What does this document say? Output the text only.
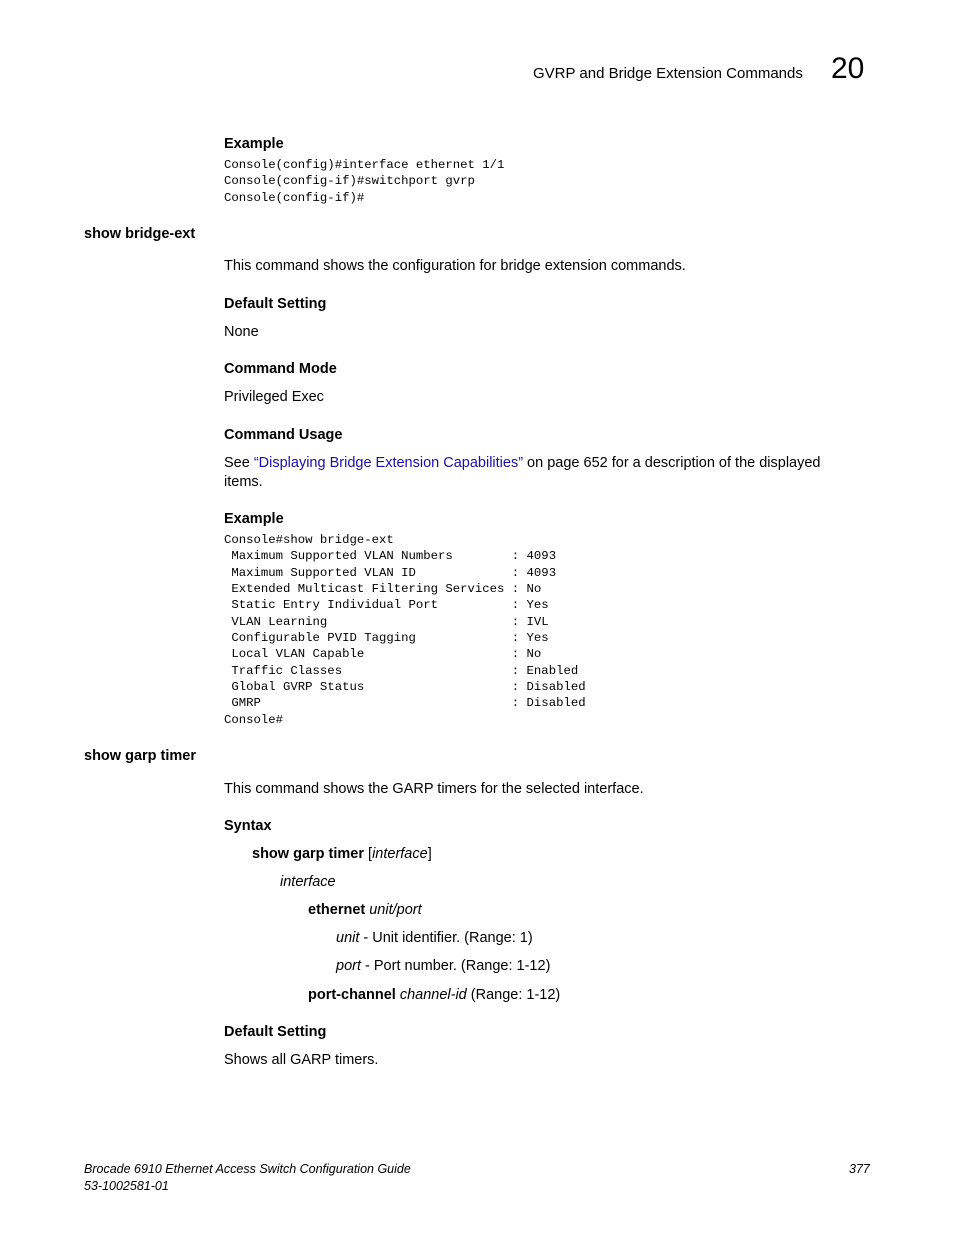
GVRP and Bridge Extension Commands 20
Example
Console(config)#interface ethernet 1/1
Console(config-if)#switchport gvrp
Console(config-if)#
show bridge-ext
This command shows the configuration for bridge extension commands.
Default Setting
None
Command Mode
Privileged Exec
Command Usage
See “Displaying Bridge Extension Capabilities” on page 652 for a description of the displayed
items.
Example
Console#show bridge-ext
Maximum Supported VLAN Numbers        : 4093
Maximum Supported VLAN ID             : 4093
Extended Multicast Filtering Services : No
Static Entry Individual Port          : Yes
VLAN Learning                         : IVL
Configurable PVID Tagging             : Yes
Local VLAN Capable                    : No
Traffic Classes                       : Enabled
Global GVRP Status                    : Disabled
GMRP                                  : Disabled
Console#
show garp timer
This command shows the GARP timers for the selected interface.
Syntax
show garp timer [interface]
interface
ethernet unit/port
unit - Unit identifier. (Range: 1)
port - Port number. (Range: 1-12)
port-channel channel-id (Range: 1-12)
Default Setting
Shows all GARP timers.
Brocade 6910 Ethernet Access Switch Configuration Guide
53-1002581-01
377
